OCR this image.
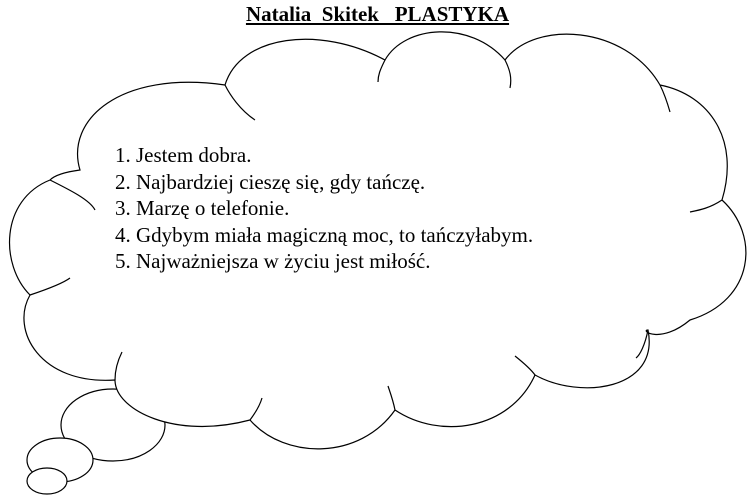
Natalia  Skitek   PLASTYKA
1. Jestem dobra.
2. Najbardziej cieszę się, gdy tańczę.
3. Marzę o telefonie.
4. Gdybym miała magiczną moc, to tańczyłabym.
5. Najważniejsza w życiu jest miłość.
